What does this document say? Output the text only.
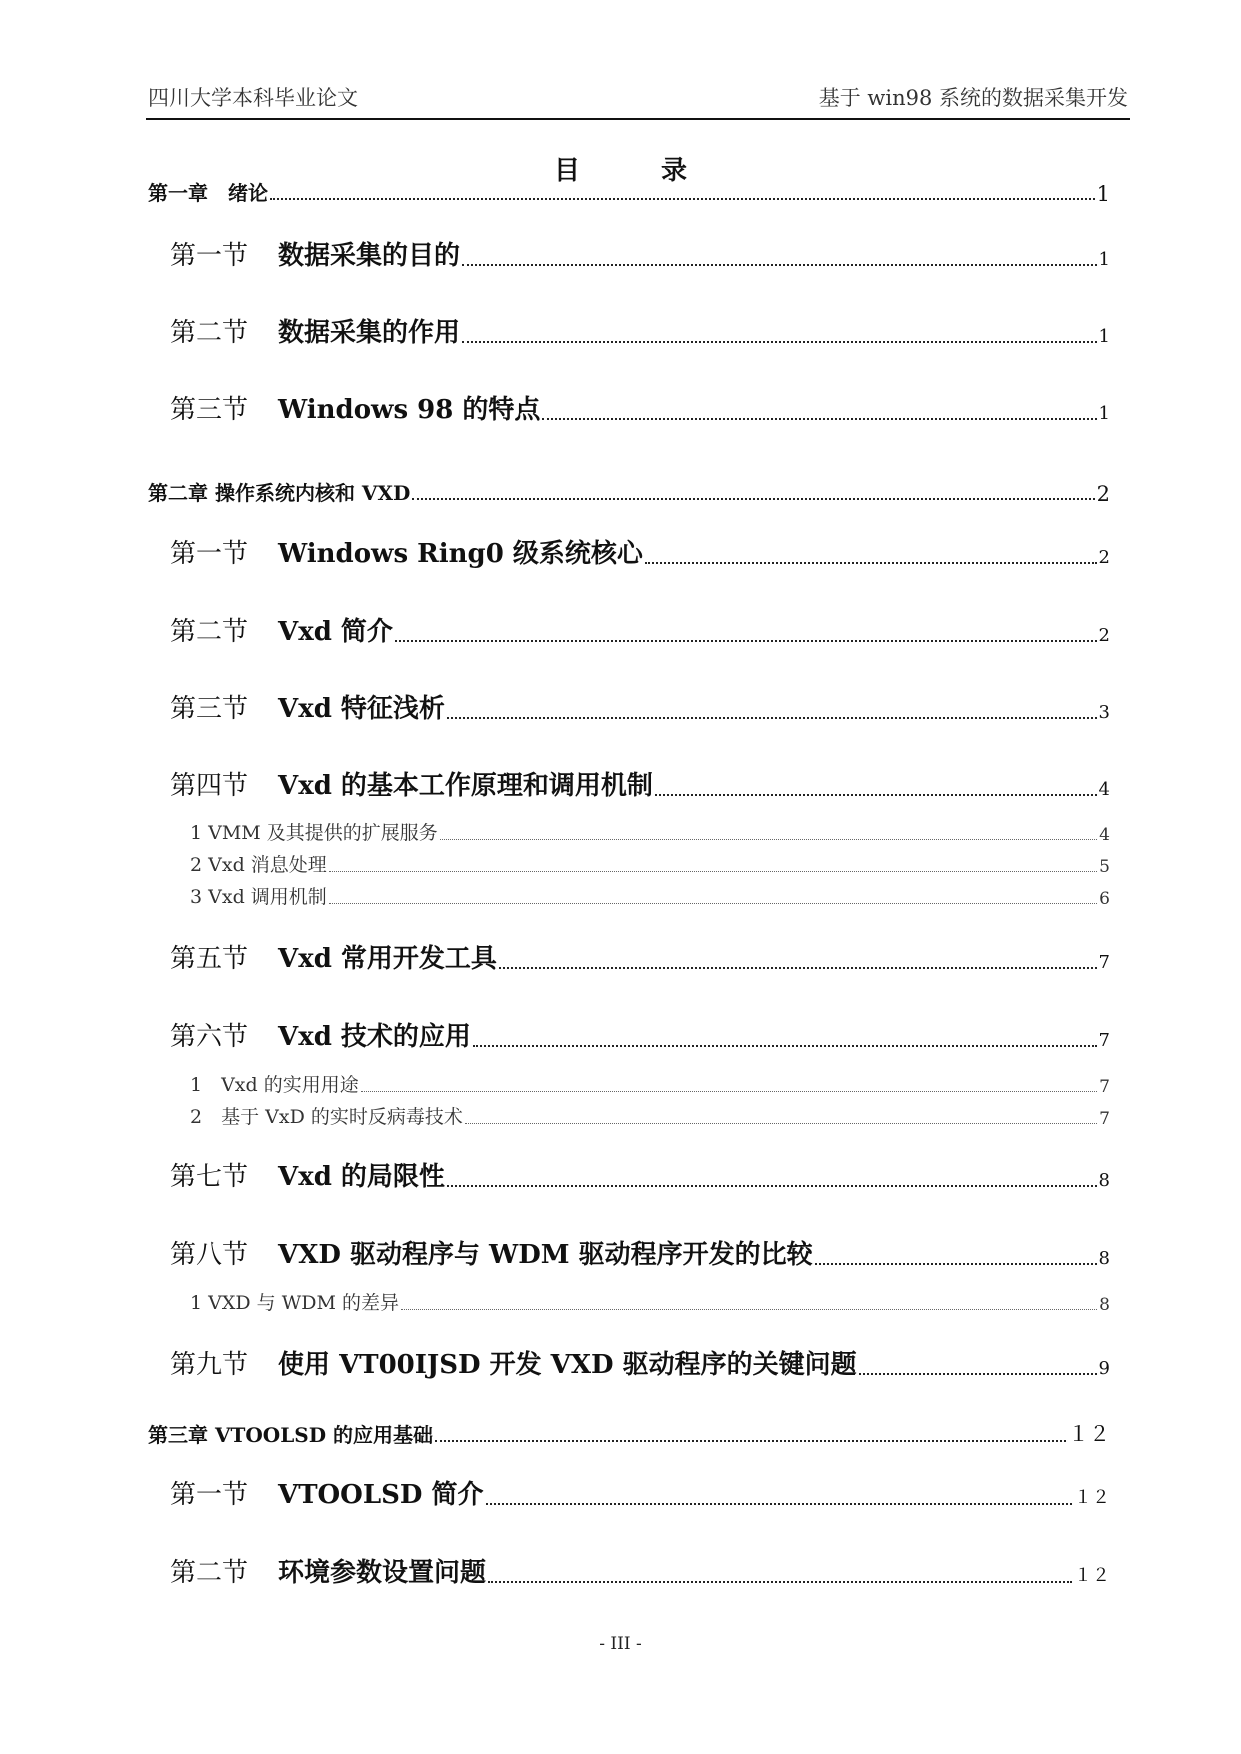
四川大学本科毕业论文	基于 win98 系统的数据采集开发
目 录
第一章　绪论	1
第一节 数据采集的目的	1
第二节 数据采集的作用	1
第三节 Windows 98 的特点	1
第二章 操作系统内核和 VXD	2
第一节 Windows Ring0 级系统核心	2
第二节 Vxd 简介	2
第三节 Vxd 特征浅析	3
第四节 Vxd 的基本工作原理和调用机制	4
1 VMM 及其提供的扩展服务	4
2 Vxd 消息处理	5
3 Vxd 调用机制	6
第五节 Vxd 常用开发工具	7
第六节 Vxd 技术的应用	7
1　Vxd 的实用用途	7
2　基于 VxD 的实时反病毒技术	7
第七节 Vxd 的局限性	8
第八节 VXD 驱动程序与 WDM 驱动程序开发的比较	8
1 VXD 与 WDM 的差异	8
第九节 使用 VT00IJSD 开发 VXD 驱动程序的关键问题	9
第三章 VTOOLSD 的应用基础	１２
第一节 VTOOLSD 简介	１２
第二节 环境参数设置问题	１２
- III -
